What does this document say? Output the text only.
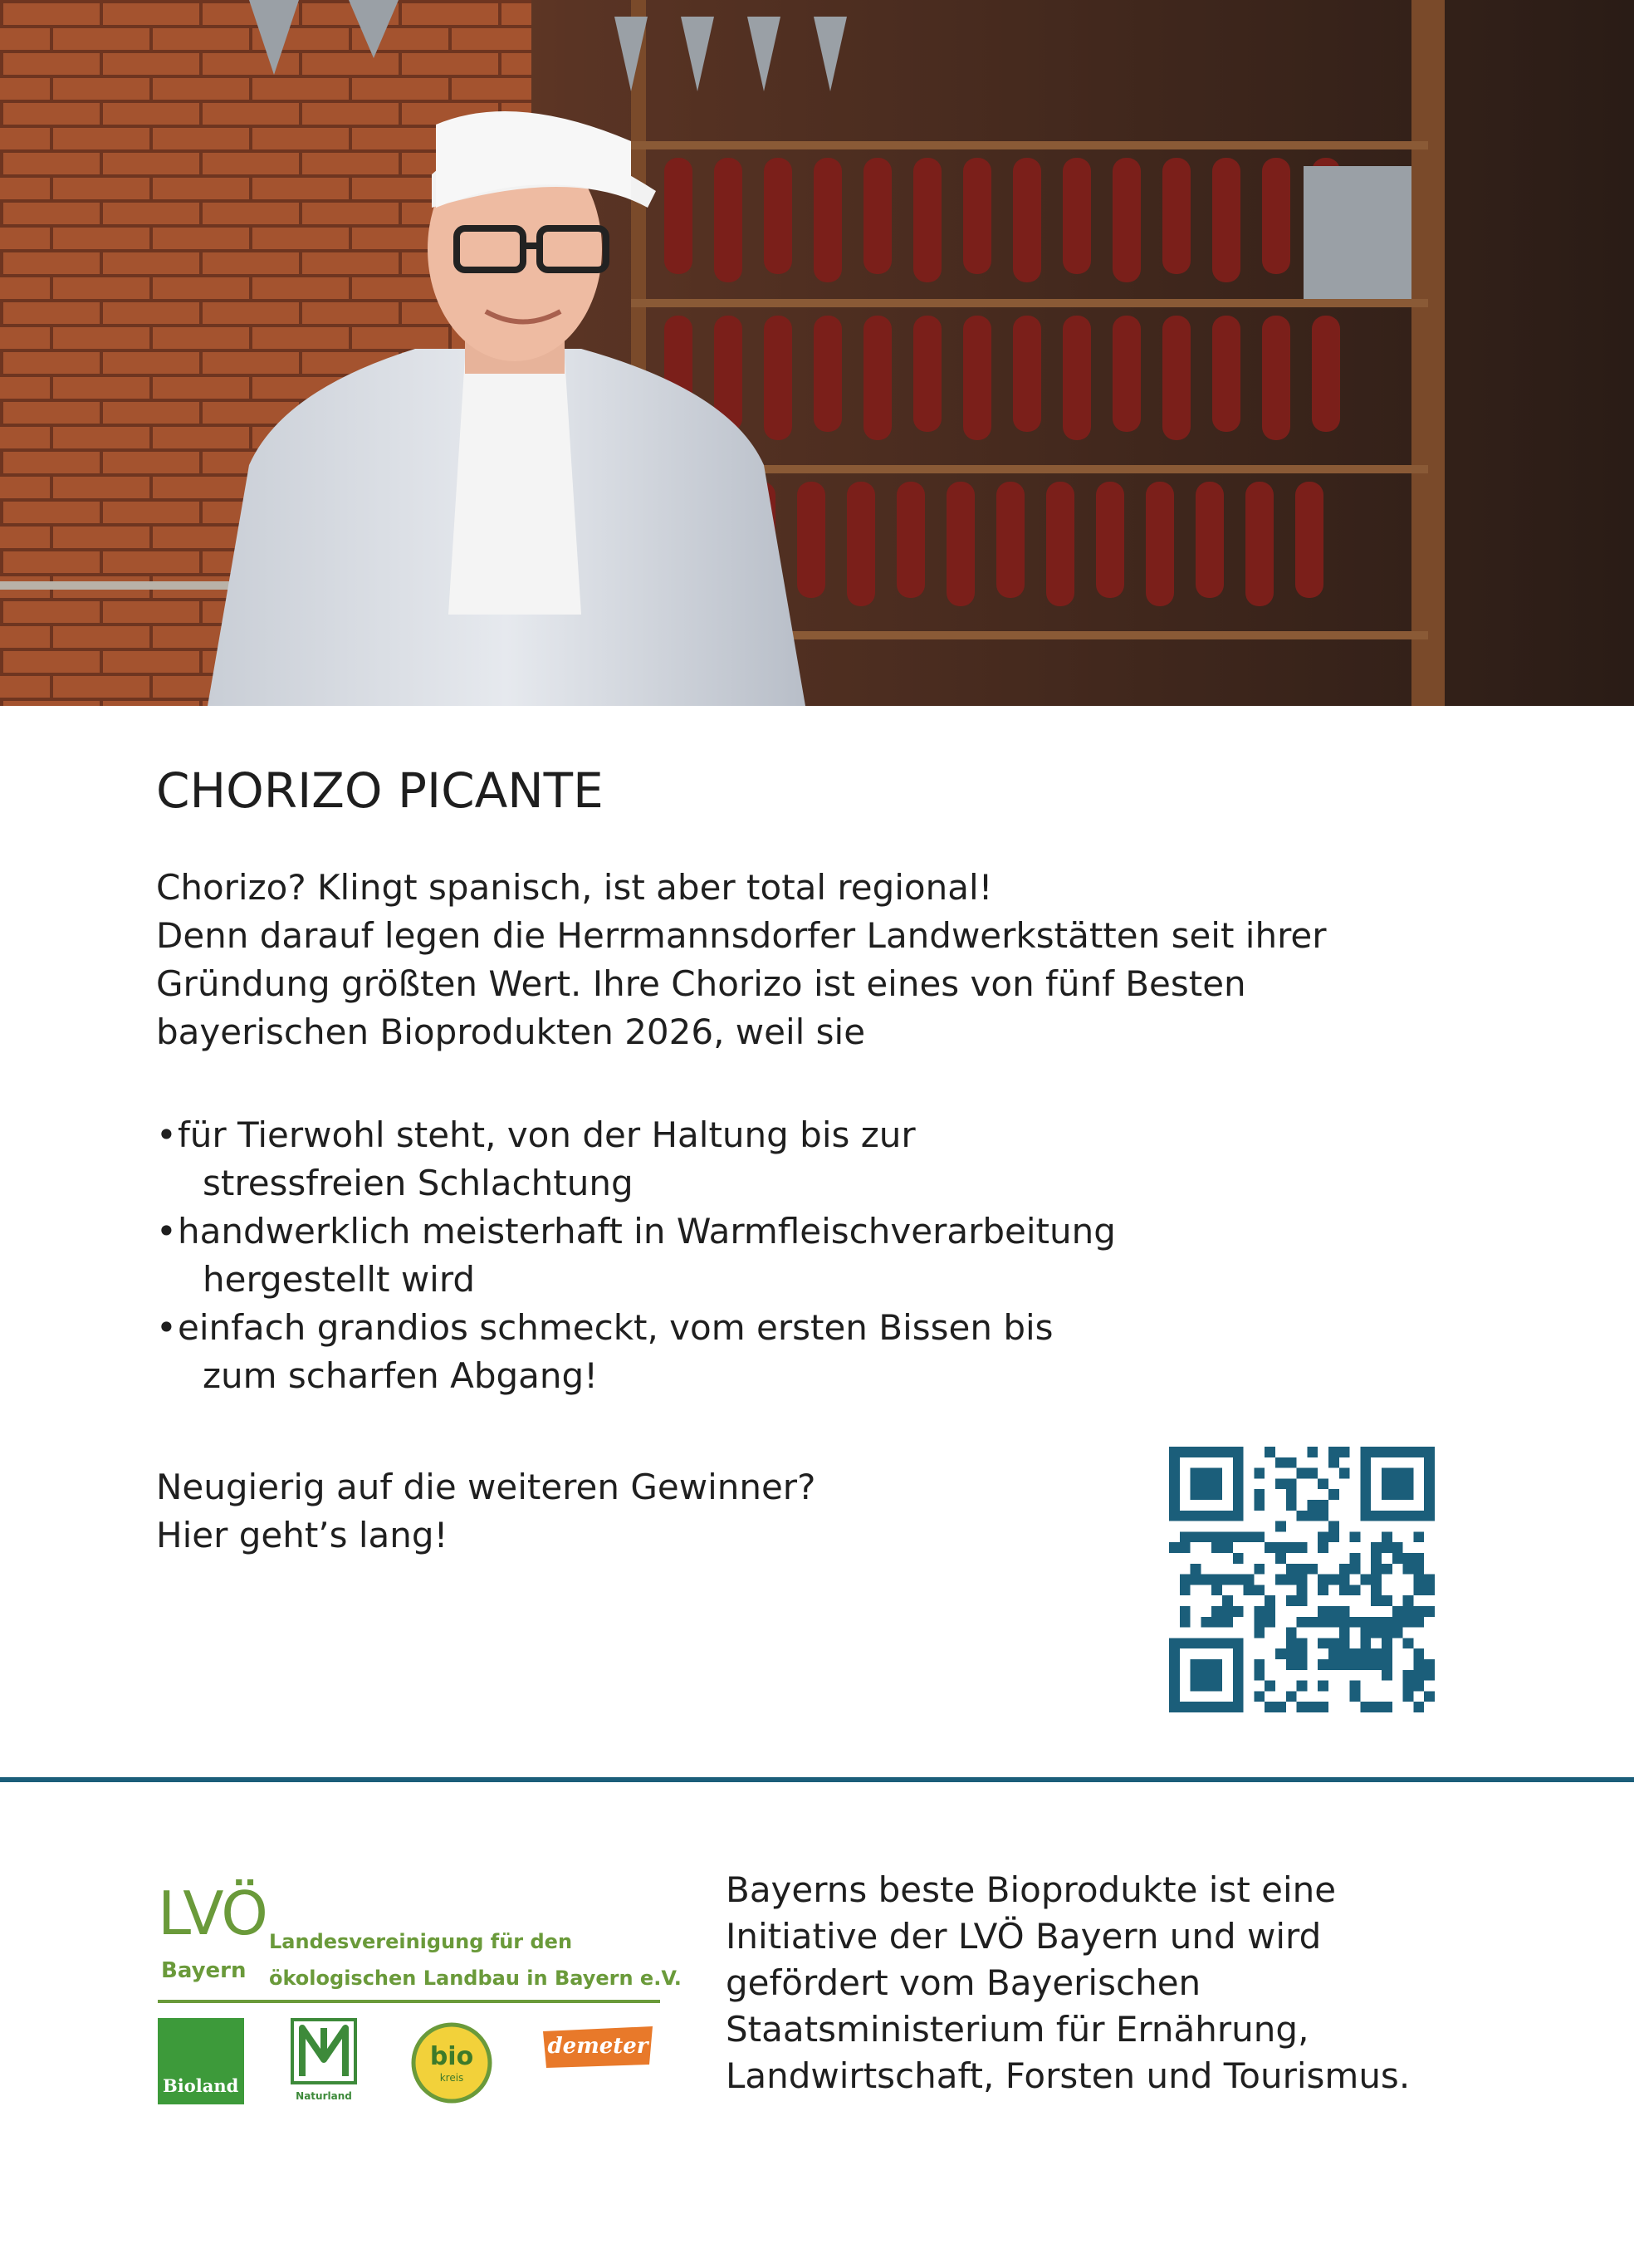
CHORIZO PICANTE

Chorizo? Klingt spanisch, ist aber total regional!

Denn darauf legen die Herrmannsdorfer Landwerkstätten seit ihrer

Gründung größten Wert. Ihre Chorizo ist eines von fünf Besten

bayerischen Bioprodukten 2026, weil sie

• für Tierwohl steht, von der Haltung bis zur
stressfreien Schlachtung
• handwerklich meisterhaft in Warmfleischverarbeitung
hergestellt wird
• einfach grandios schmeckt, vom ersten Bissen bis
zum scharfen Abgang!
Neugierig auf die weiteren Gewinner?
Hier geht’s lang!
LVÖ
Bayern
Landesvereinigung für den
ökologischen Landbau in Bayern e.V.
Bioland	Naturland
bio
kreis
demeter
Bayerns beste Bioprodukte ist eine
Initiative der LVÖ Bayern und wird
gefördert vom Bayerischen
Staatsministerium für Ernährung,
Landwirtschaft, Forsten und Tourismus.
